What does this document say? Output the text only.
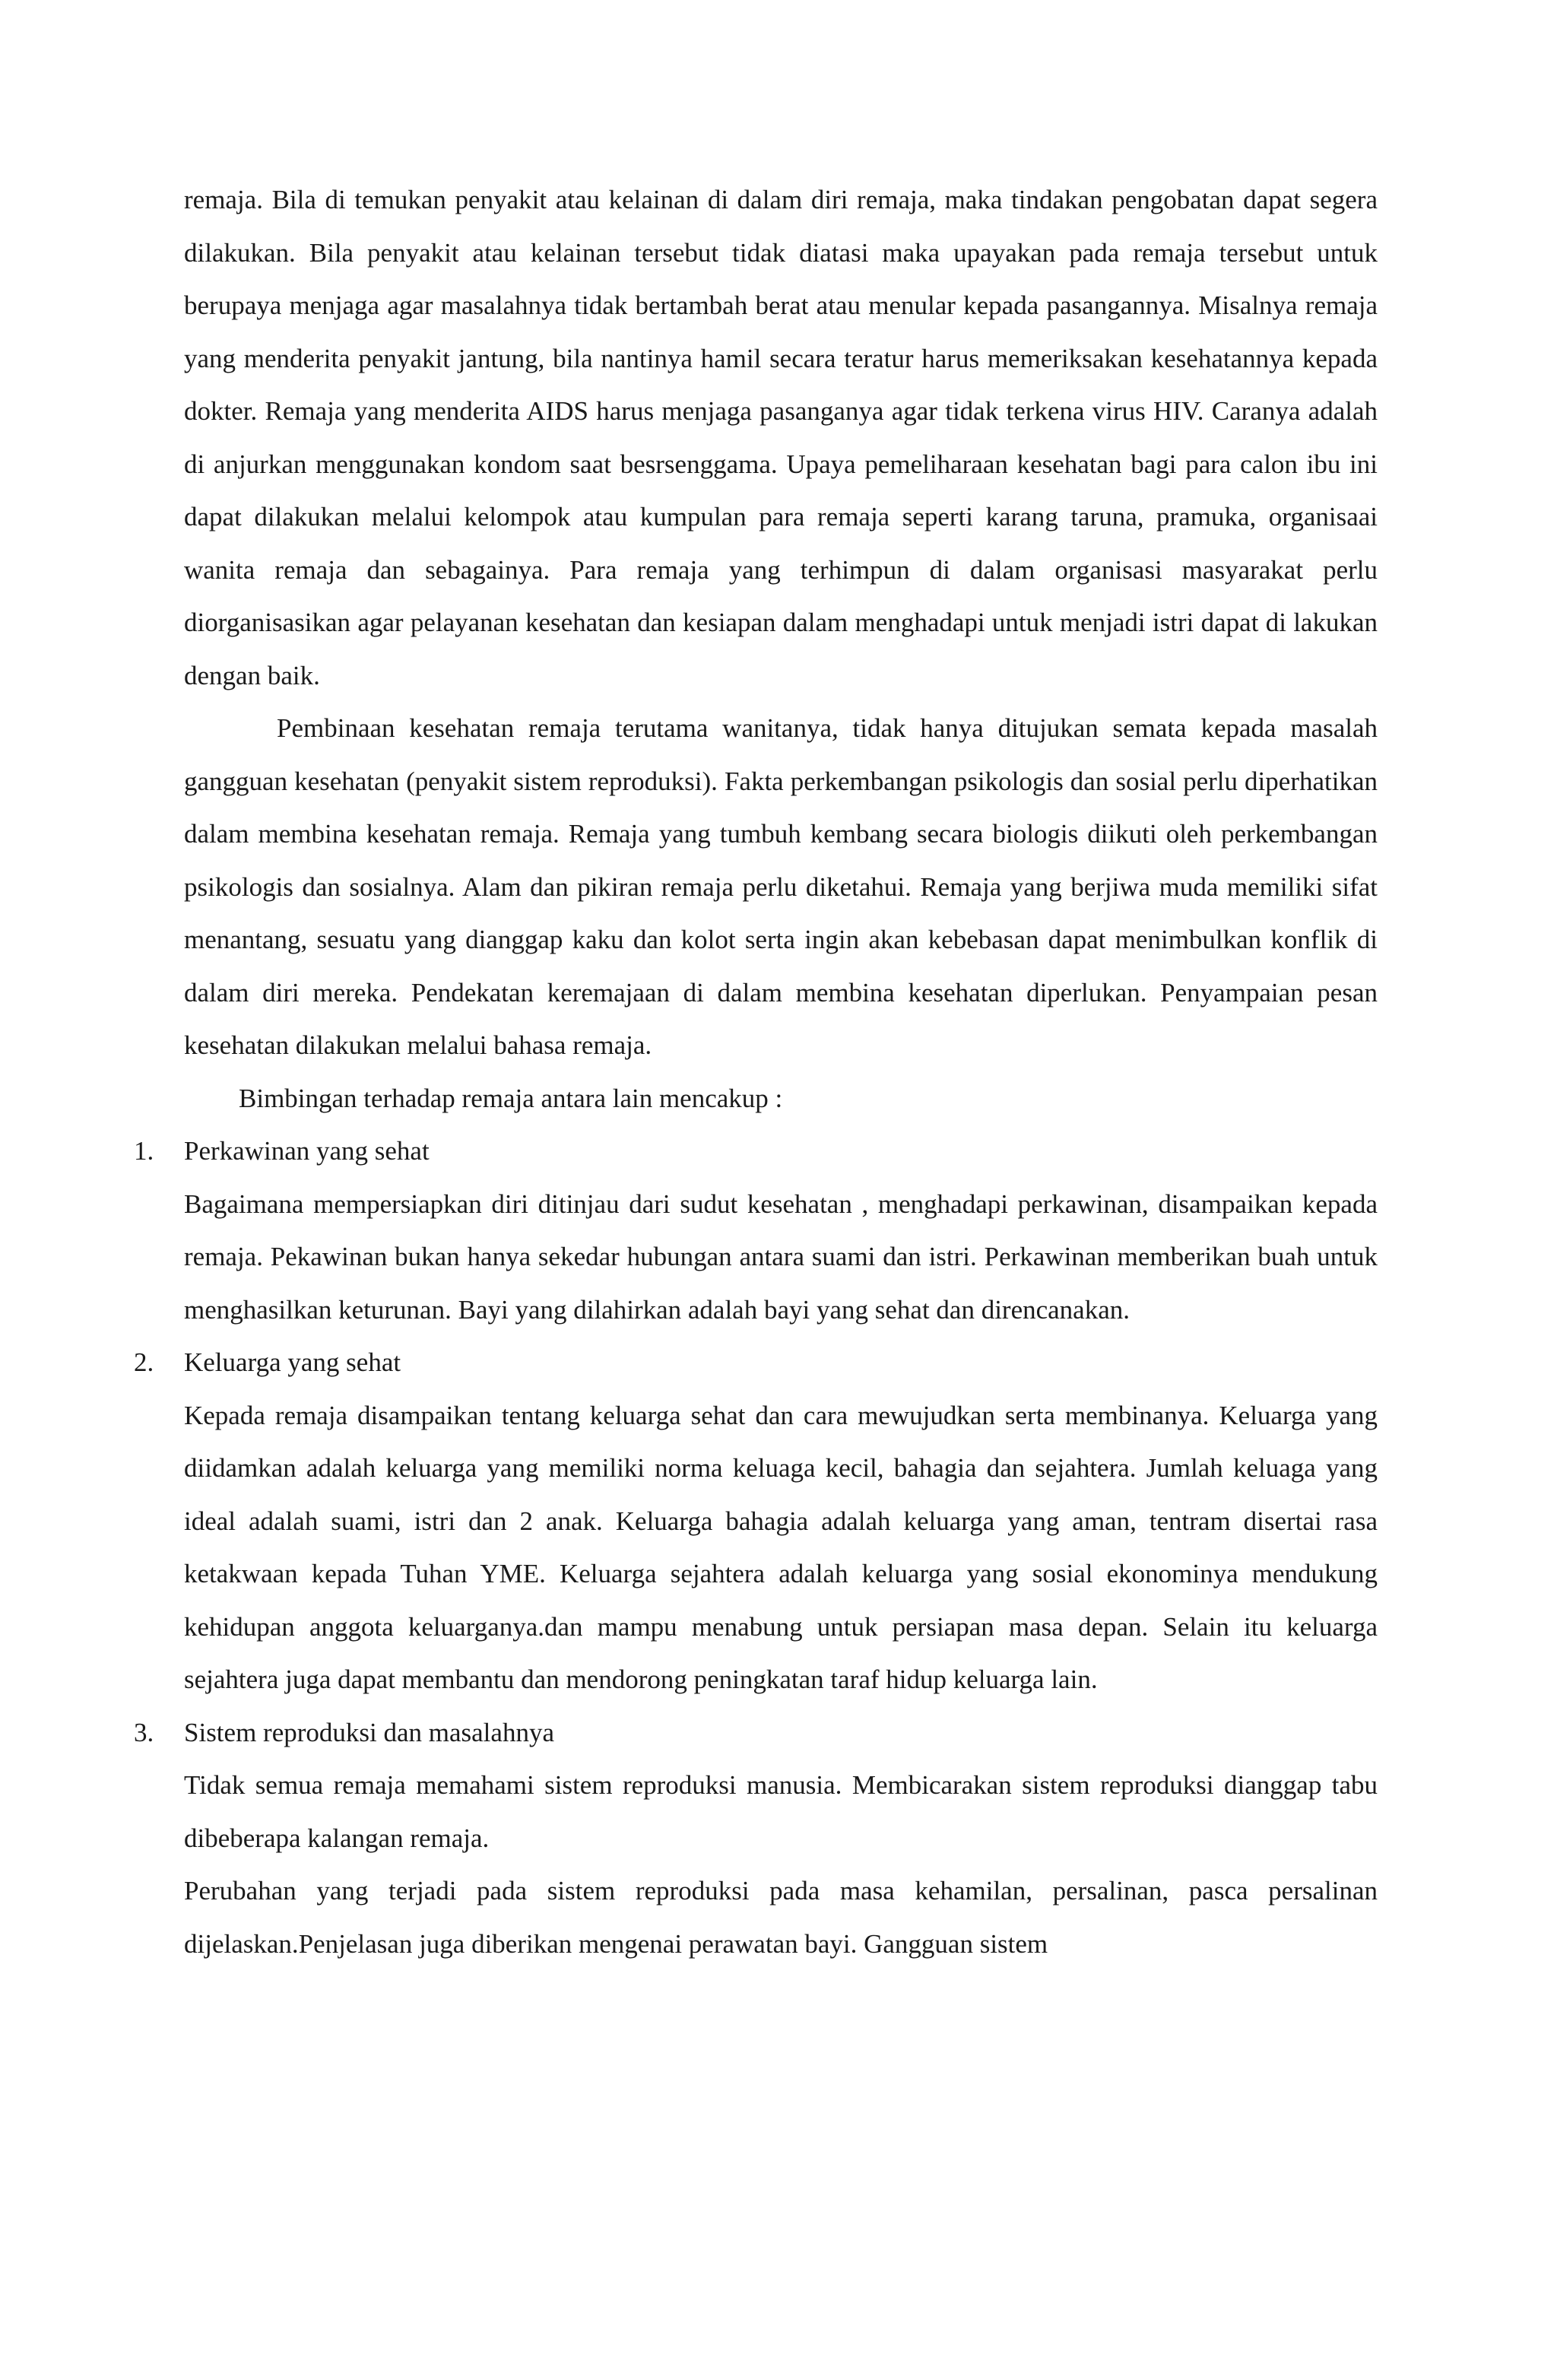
remaja. Bila di temukan penyakit atau kelainan di dalam diri remaja, maka tindakan pengobatan dapat segera dilakukan. Bila penyakit atau kelainan tersebut tidak diatasi maka upayakan pada remaja tersebut untuk berupaya menjaga agar masalahnya tidak bertambah berat atau menular kepada pasangannya. Misalnya remaja yang menderita penyakit jantung, bila nantinya hamil secara teratur harus memeriksakan kesehatannya kepada dokter. Remaja yang menderita AIDS harus menjaga pasanganya agar tidak terkena virus HIV. Caranya adalah di anjurkan menggunakan kondom saat besrsenggama. Upaya pemeliharaan kesehatan bagi para calon ibu ini dapat dilakukan melalui kelompok atau kumpulan para remaja seperti karang taruna, pramuka, organisaai wanita remaja dan sebagainya. Para remaja yang terhimpun di dalam organisasi masyarakat perlu diorganisasikan agar pelayanan kesehatan dan kesiapan dalam menghadapi untuk menjadi istri dapat di lakukan dengan baik.

Pembinaan kesehatan remaja terutama wanitanya, tidak hanya ditujukan semata kepada masalah gangguan kesehatan (penyakit sistem reproduksi). Fakta perkembangan psikologis dan sosial perlu diperhatikan dalam membina kesehatan remaja. Remaja yang tumbuh kembang secara biologis diikuti oleh perkembangan psikologis dan sosialnya. Alam dan pikiran remaja perlu diketahui. Remaja yang berjiwa muda memiliki sifat menantang, sesuatu yang dianggap kaku dan kolot serta ingin akan kebebasan dapat menimbulkan konflik di dalam diri mereka. Pendekatan keremajaan di dalam membina kesehatan diperlukan. Penyampaian pesan kesehatan dilakukan melalui bahasa remaja.

Bimbingan terhadap remaja antara lain mencakup :

1.	Perkawinan yang sehat

Bagaimana mempersiapkan diri ditinjau dari sudut kesehatan , menghadapi perkawinan, disampaikan kepada remaja. Pekawinan bukan hanya sekedar hubungan antara suami dan istri. Perkawinan memberikan buah untuk menghasilkan keturunan. Bayi yang dilahirkan adalah bayi yang sehat dan direncanakan.

2.	Keluarga yang sehat

Kepada remaja disampaikan tentang keluarga sehat dan cara mewujudkan serta membinanya. Keluarga yang diidamkan adalah keluarga yang memiliki norma keluaga kecil, bahagia dan sejahtera. Jumlah keluaga yang ideal adalah suami, istri dan 2 anak. Keluarga bahagia adalah keluarga yang aman, tentram disertai rasa ketakwaan kepada Tuhan YME. Keluarga sejahtera adalah keluarga yang sosial ekonominya mendukung kehidupan anggota keluarganya.dan mampu menabung untuk persiapan masa depan. Selain itu keluarga sejahtera juga dapat membantu dan mendorong peningkatan taraf hidup keluarga lain.

3.	Sistem reproduksi dan masalahnya

Tidak semua remaja memahami sistem reproduksi manusia. Membicarakan sistem reproduksi dianggap tabu dibeberapa kalangan remaja.

Perubahan yang terjadi pada sistem reproduksi pada masa kehamilan, persalinan, pasca persalinan dijelaskan.Penjelasan juga diberikan mengenai perawatan bayi. Gangguan sistem
